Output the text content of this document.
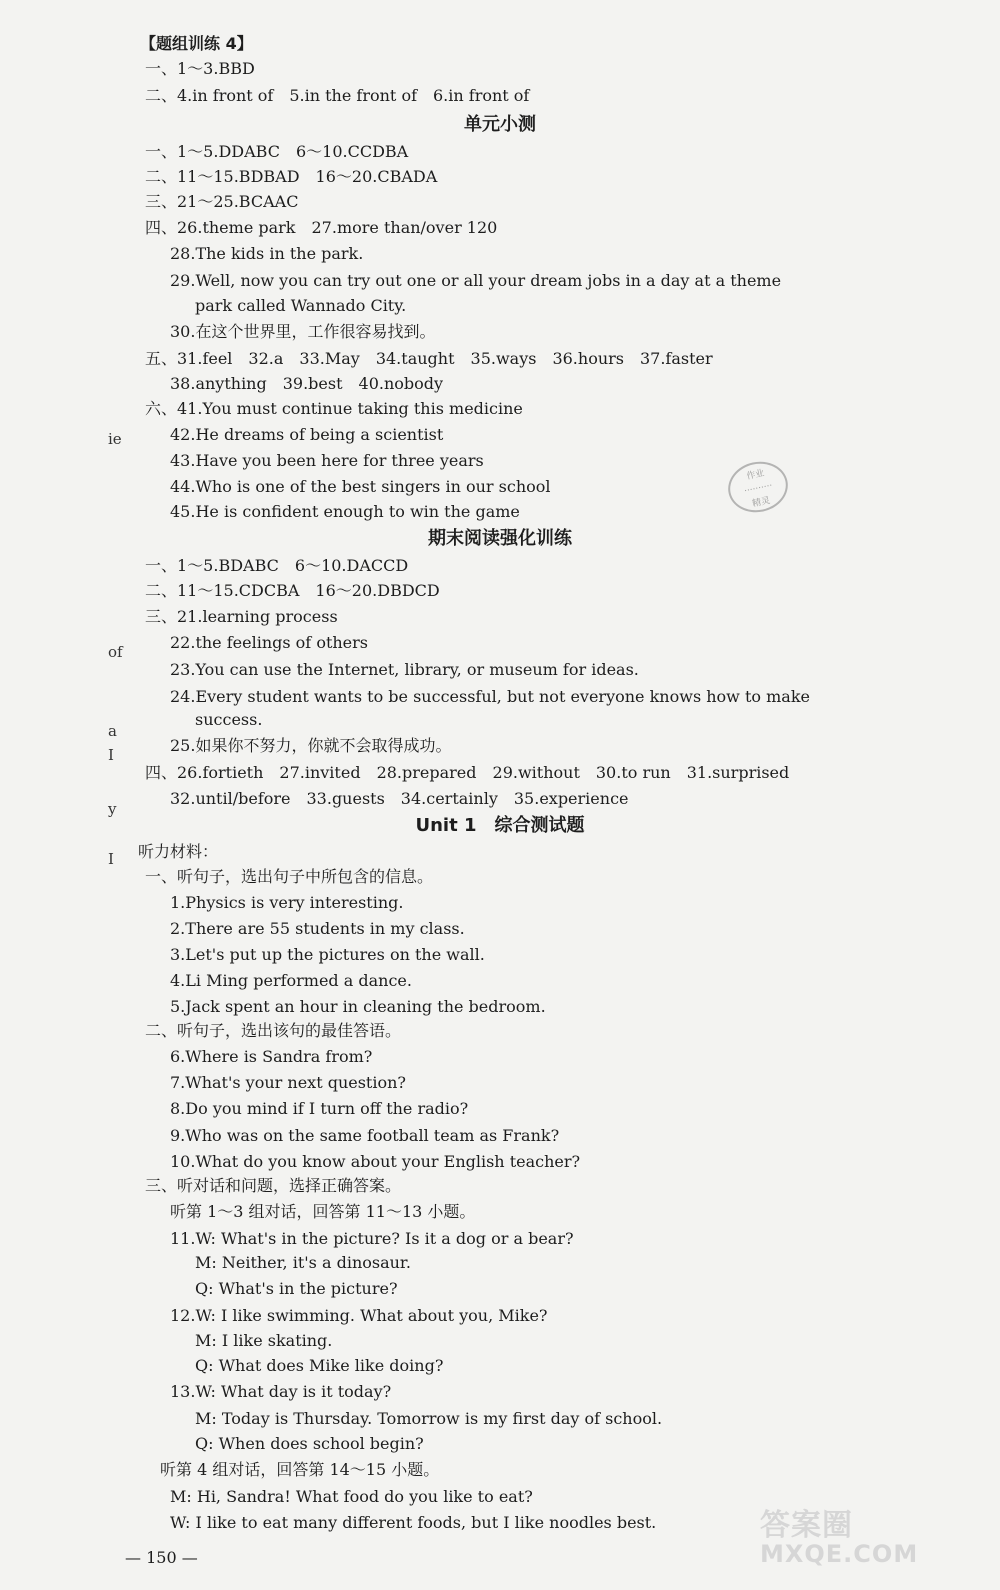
【题组训练 4】
一、1～3.BBD
二、4.in front of　5.in the front of　6.in front of
单元小测
一、1～5.DDABC　6～10.CCDBA
二、11～15.BDBAD　16～20.CBADA
三、21～25.BCAAC
四、26.theme park　27.more than/over 120
28.The kids in the park.
29.Well, now you can try out one or all your dream jobs in a day at a theme
park called Wannado City.
30.在这个世界里，工作很容易找到。
五、31.feel　32.a　33.May　34.taught　35.ways　36.hours　37.faster
38.anything　39.best　40.nobody
六、41.You must continue taking this medicine
42.He dreams of being a scientist
43.Have you been here for three years
44.Who is one of the best singers in our school
45.He is confident enough to win the game
期末阅读强化训练
一、1～5.BDABC　6～10.DACCD
二、11～15.CDCBA　16～20.DBDCD
三、21.learning process
22.the feelings of others
23.You can use the Internet, library, or museum for ideas.
24.Every student wants to be successful, but not everyone knows how to make
success.
25.如果你不努力，你就不会取得成功。
四、26.fortieth　27.invited　28.prepared　29.without　30.to run　31.surprised
32.until/before　33.guests　34.certainly　35.experience
Unit 1　综合测试题
听力材料：
一、听句子，选出句子中所包含的信息。
1.Physics is very interesting.
2.There are 55 students in my class.
3.Let's put up the pictures on the wall.
4.Li Ming performed a dance.
5.Jack spent an hour in cleaning the bedroom.
二、听句子，选出该句的最佳答语。
6.Where is Sandra from?
7.What's your next question?
8.Do you mind if I turn off the radio?
9.Who was on the same football team as Frank?
10.What do you know about your English teacher?
三、听对话和问题，选择正确答案。
听第 1～3 组对话，回答第 11～13 小题。
11.W: What's in the picture? Is it a dog or a bear?
M: Neither, it's a dinosaur.
Q: What's in the picture?
12.W: I like swimming. What about you, Mike?
M: I like skating.
Q: What does Mike like doing?
13.W: What day is it today?
M: Today is Thursday. Tomorrow is my first day of school.
Q: When does school begin?
听第 4 组对话，回答第 14～15 小题。
M: Hi, Sandra! What food do you like to eat?
W: I like to eat many different foods, but I like noodles best.
ie
of
a
I
y
I
作业
··········
精灵
— 150 —
答案圈
MXQE.COM
